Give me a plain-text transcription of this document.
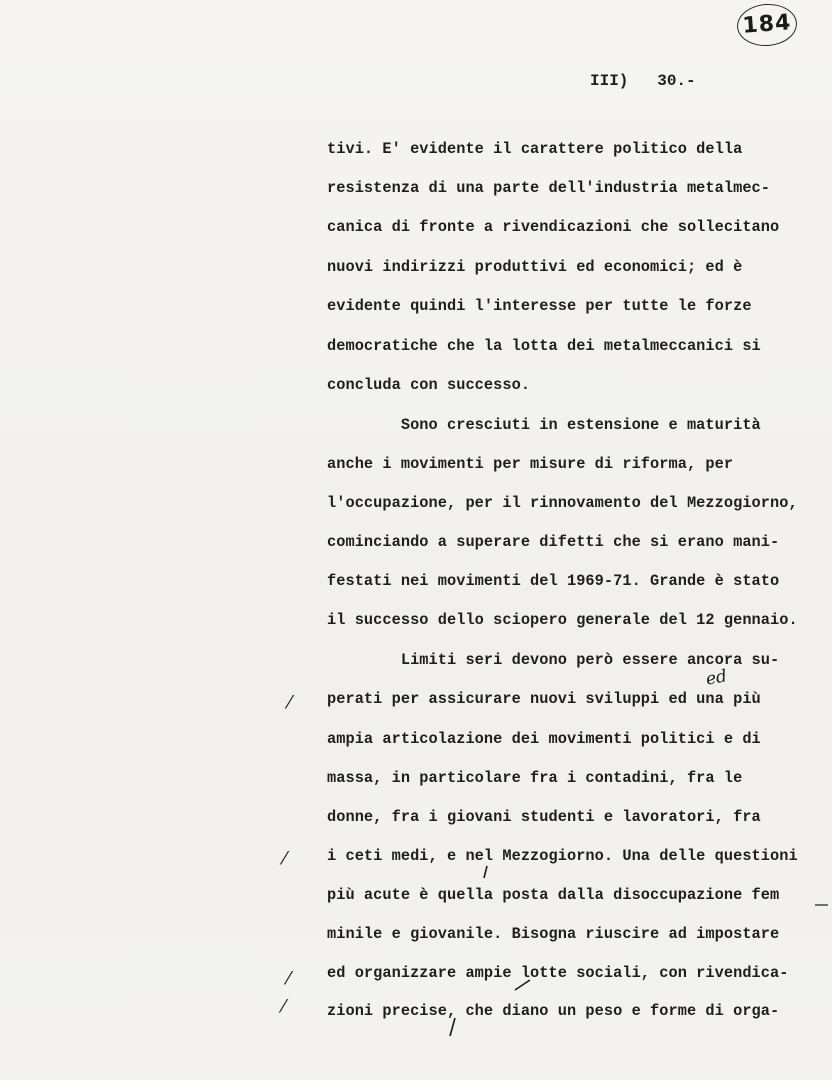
184
III)   30.-
tivi. E' evidente il carattere politico della
resistenza di una parte dell'industria metalmec-
canica di fronte a rivendicazioni che sollecitano
nuovi indirizzi produttivi ed economici; ed è
evidente quindi l'interesse per tutte le forze
democratiche che la lotta dei metalmeccanici si
concluda con successo.
Sono cresciuti in estensione e maturità
anche i movimenti per misure di riforma, per
l'occupazione, per il rinnovamento del Mezzogiorno,
cominciando a superare difetti che si erano mani-
festati nei movimenti del 1969-71. Grande è stato
il successo dello sciopero generale del 12 gennaio.
Limiti seri devono però essere ancora su-
perati per assicurare nuovi sviluppi ed una più
ampia articolazione dei movimenti politici e di
massa, in particolare fra i contadini, fra le
donne, fra i giovani studenti e lavoratori, fra
i ceti medi, e nel Mezzogiorno. Una delle questioni
più acute è quella posta dalla disoccupazione fem
minile e giovanile. Bisogna riuscire ad impostare
ed organizzare ampie lotte sociali, con rivendica-
zioni precise, che diano un peso e forme di orga-
ed
⁄
⁄
⁄
⁄
